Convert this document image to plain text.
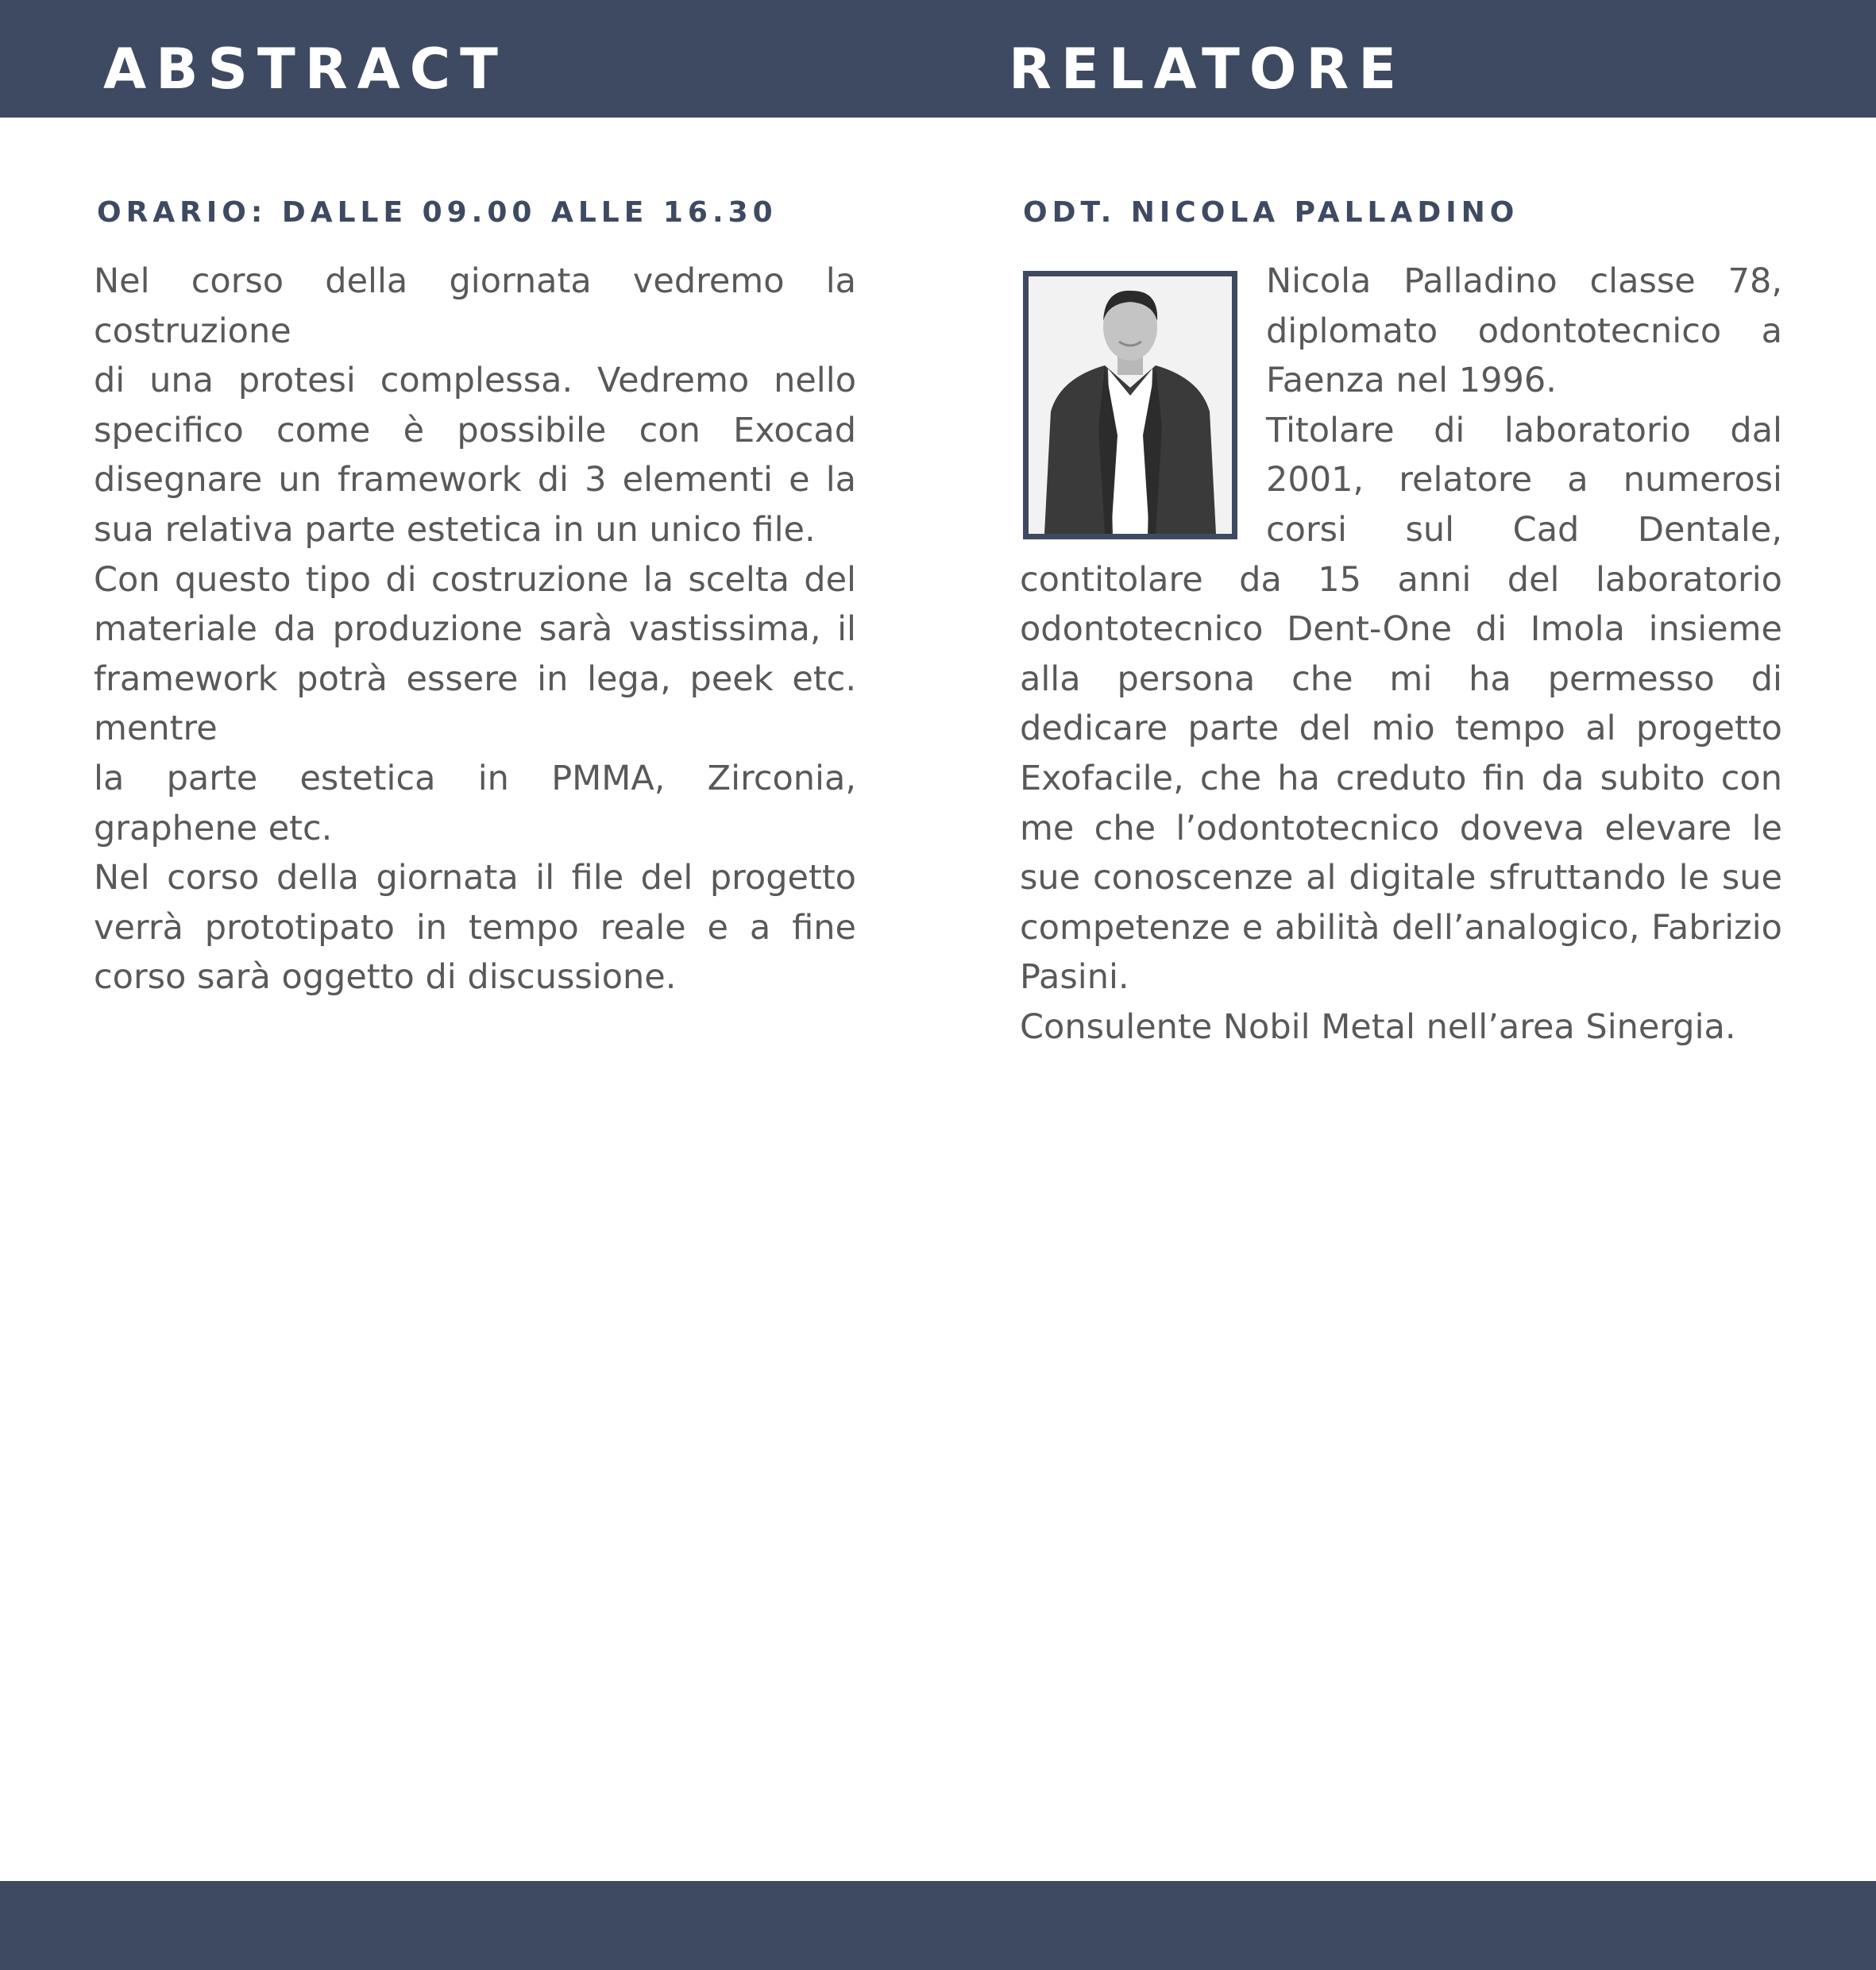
ABSTRACT	RELATORE
ORARIO: DALLE 09.00 ALLE 16.30	ODT. NICOLA PALLADINO

Nel corso della giornata vedremo la costruzione

di una protesi complessa. Vedremo nello specifico come è possibile con Exocad disegnare un framework di 3 elementi e la sua relativa parte estetica in un unico file.

Con questo tipo di costruzione la scelta del materiale da produzione sarà vastissima, il framework potrà essere in lega, peek etc. mentre

la parte estetica in PMMA, Zirconia, graphene etc.

Nel corso della giornata il file del progetto verrà prototipato in tempo reale e a fine corso sarà oggetto di discussione.

Nicola Palladino classe 78, diplomato odontotecnico a Faenza nel 1996.

Titolare di laboratorio dal 2001, relatore a numerosi corsi sul Cad Dentale, contitolare da 15 anni del laboratorio odontotecnico Dent-One di Imola insieme alla persona che mi ha permesso di dedicare parte del mio tempo al progetto Exofacile, che ha creduto fin da subito con me che l’odontotecnico doveva elevare le sue conoscenze al digitale sfruttando le sue competenze e abilità dell’analogico, Fabrizio Pasini.

Consulente Nobil Metal nell’area Sinergia.
